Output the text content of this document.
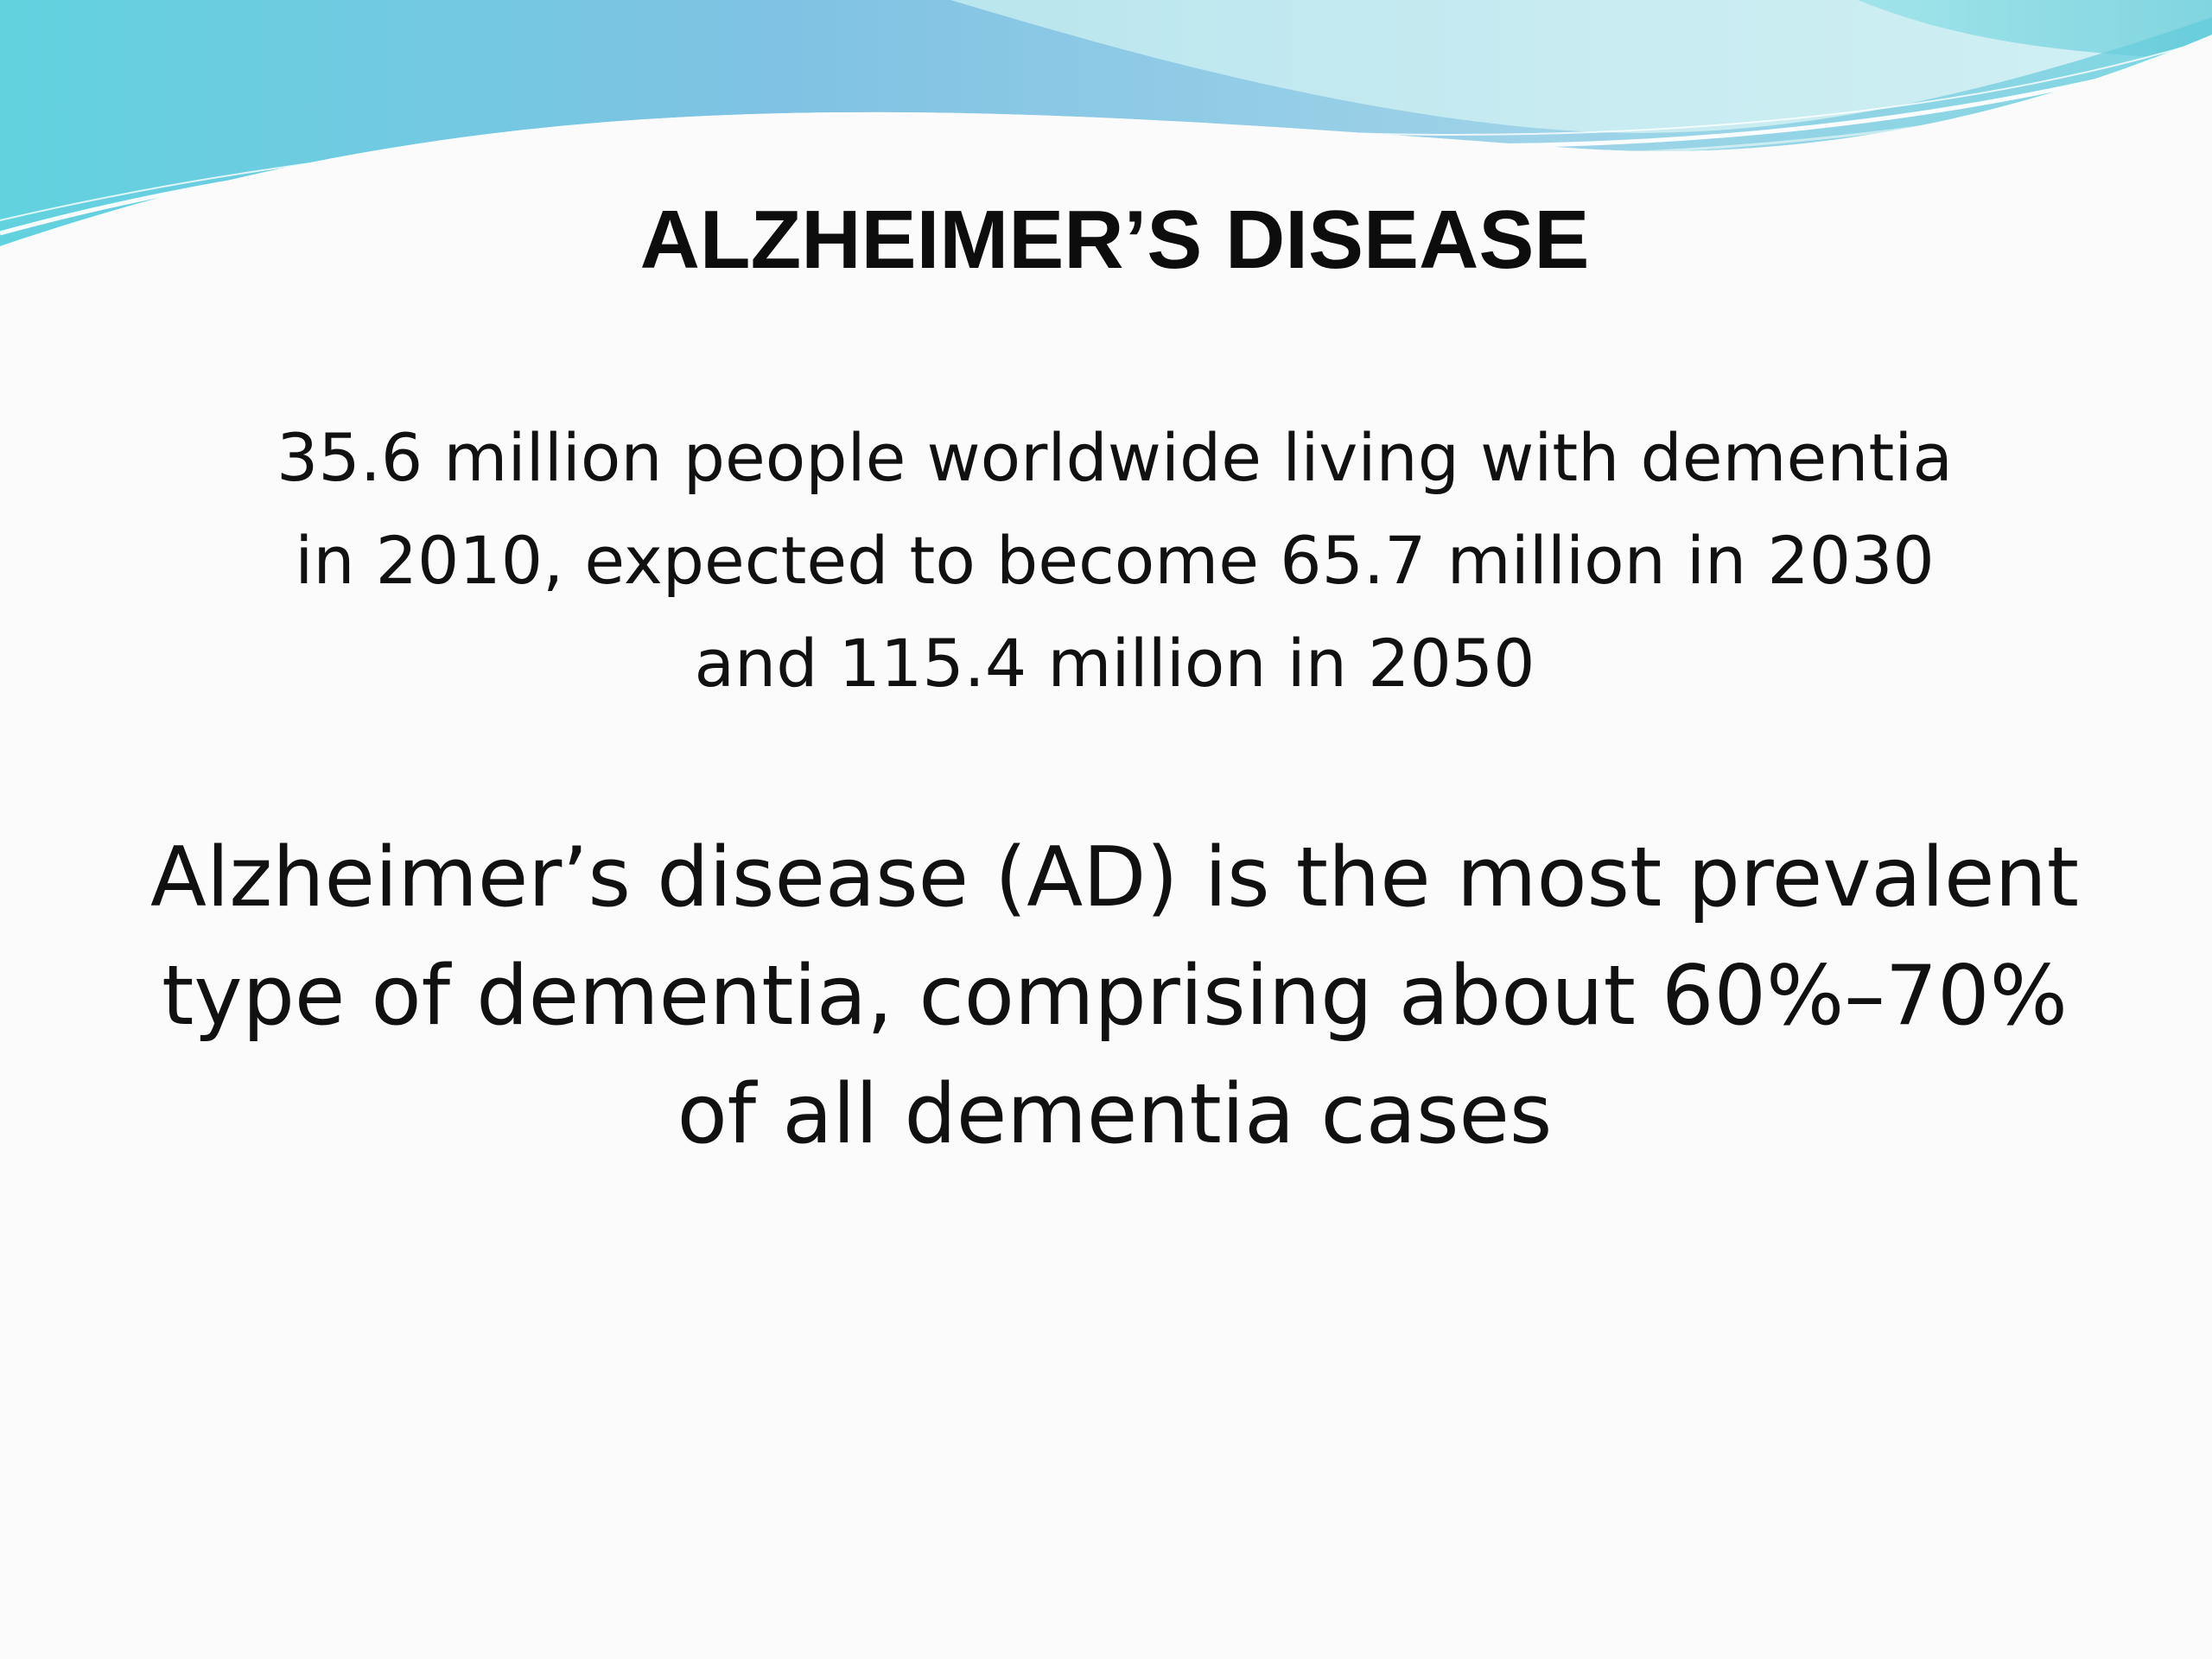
ALZHEIMER’S DISEASE

35.6 million people worldwide living with dementia
in 2010, expected to become 65.7 million in 2030
and 115.4 million in 2050

Alzheimer’s disease (AD) is the most prevalent
type of dementia, comprising about 60%–70%
of all dementia cases
